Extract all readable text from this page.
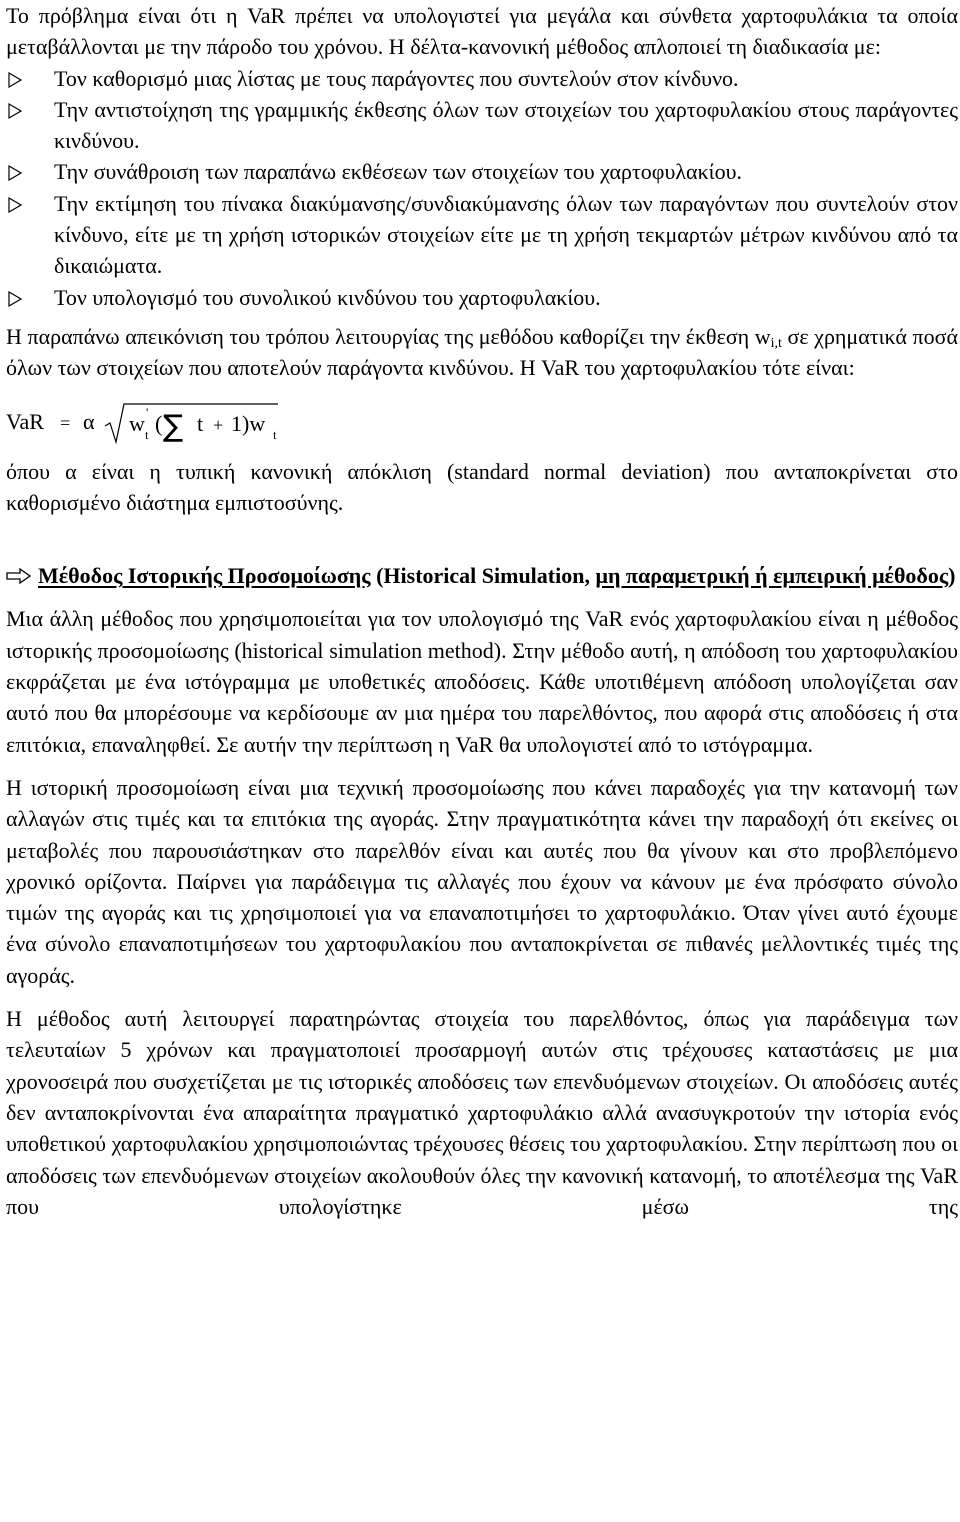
Το πρόβλημα είναι ότι η VaR πρέπει να υπολογιστεί για μεγάλα και σύνθετα χαρτοφυλάκια τα οποία μεταβάλλονται με την πάροδο του χρόνου. Η δέλτα-κανονική μέθοδος απλοποιεί τη διαδικασία με:

Τον καθορισμό μιας λίστας με τους παράγοντες που συντελούν στον κίνδυνο.
Την αντιστοίχηση της γραμμικής έκθεσης όλων των στοιχείων του χαρτοφυλακίου στους παράγοντες κινδύνου.
Την συνάθροιση των παραπάνω εκθέσεων των στοιχείων του χαρτοφυλακίου.
Την εκτίμηση του πίνακα διακύμανσης/συνδιακύμανσης όλων των παραγόντων που συντελούν στον κίνδυνο, είτε με τη χρήση ιστορικών στοιχείων είτε με τη χρήση τεκμαρτών μέτρων κινδύνου από τα δικαιώματα.
Τον υπολογισμό του συνολικού κινδύνου του χαρτοφυλακίου.

Η παραπάνω απεικόνιση του τρόπου λειτουργίας της μεθόδου καθορίζει την έκθεση $w_{i,t}$ σε χρηματικά ποσά όλων των στοιχείων που αποτελούν παράγοντα κινδύνου. Η VaR του χαρτοφυλακίου τότε είναι:

VaR = α w '
t ( ∑ t + 1)w t

όπου α είναι η τυπική κανονική απόκλιση (standard normal deviation) που ανταποκρίνεται στο καθορισμένο διάστημα εμπιστοσύνης.

Μέθοδος Ιστορικής Προσομοίωσης (Historical Simulation, μη παραμετρική ή εμπειρική μέθοδος)

Μια άλλη μέθοδος που χρησιμοποιείται για τον υπολογισμό της VaR ενός χαρτοφυλακίου είναι η μέθοδος ιστορικής προσομοίωσης (historical simulation method). Στην μέθοδο αυτή, η απόδοση του χαρτοφυλακίου εκφράζεται με ένα ιστόγραμμα με υποθετικές αποδόσεις. Κάθε υποτιθέμενη απόδοση υπολογίζεται σαν αυτό που θα μπορέσουμε να κερδίσουμε αν μια ημέρα του παρελθόντος, που αφορά στις αποδόσεις ή στα επιτόκια, επαναληφθεί. Σε αυτήν την περίπτωση η VaR θα υπολογιστεί από το ιστόγραμμα.

Η ιστορική προσομοίωση είναι μια τεχνική προσομοίωσης που κάνει παραδοχές για την κατανομή των αλλαγών στις τιμές και τα επιτόκια της αγοράς. Στην πραγματικότητα κάνει την παραδοχή ότι εκείνες οι μεταβολές που παρουσιάστηκαν στο παρελθόν είναι και αυτές που θα γίνουν και στο προβλεπόμενο χρονικό ορίζοντα. Παίρνει για παράδειγμα τις αλλαγές που έχουν να κάνουν με ένα πρόσφατο σύνολο τιμών της αγοράς και τις χρησιμοποιεί για να επαναποτιμήσει το χαρτοφυλάκιο. Όταν γίνει αυτό έχουμε ένα σύνολο επαναποτιμήσεων του χαρτοφυλακίου που ανταποκρίνεται σε πιθανές μελλοντικές τιμές της αγοράς.

Η μέθοδος αυτή λειτουργεί παρατηρώντας στοιχεία του παρελθόντος, όπως για παράδειγμα των τελευταίων 5 χρόνων και πραγματοποιεί προσαρμογή αυτών στις τρέχουσες καταστάσεις με μια χρονοσειρά που συσχετίζεται με τις ιστορικές αποδόσεις των επενδυόμενων στοιχείων. Οι αποδόσεις αυτές δεν ανταποκρίνονται ένα απαραίτητα πραγματικό χαρτοφυλάκιο αλλά ανασυγκροτούν την ιστορία ενός υποθετικού χαρτοφυλακίου χρησιμοποιώντας τρέχουσες θέσεις του χαρτοφυλακίου. Στην περίπτωση που οι αποδόσεις των επενδυόμενων στοιχείων ακολουθούν όλες την κανονική κατανομή, το αποτέλεσμα της VaR που υπολογίστηκε μέσω της
